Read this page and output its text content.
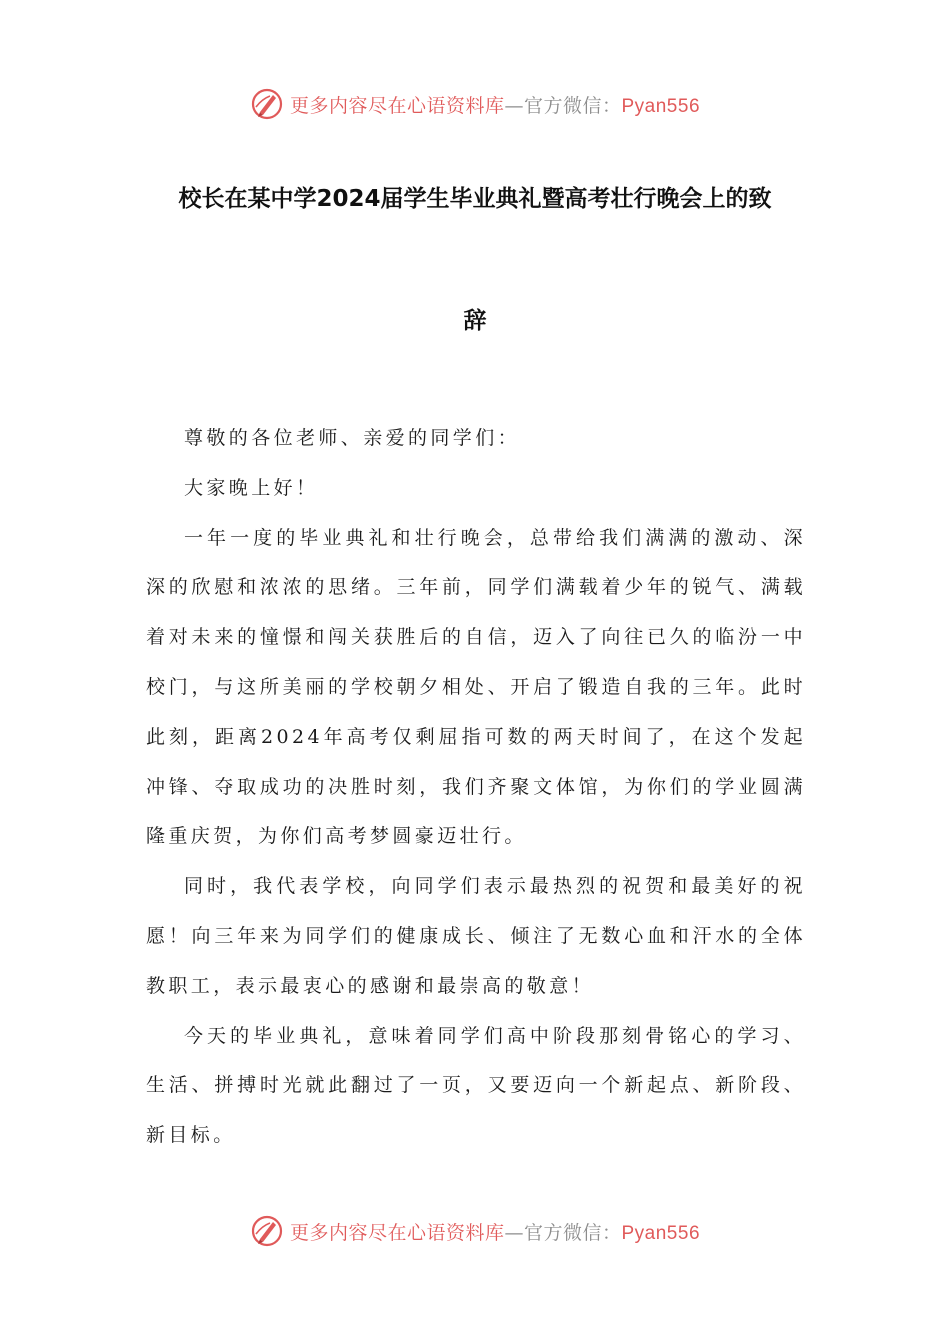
更多内容尽在心语资料库 — 官方微信： Pyan556
校长在某中学2024届学生毕业典礼暨高考壮行晚会上的致
辞

尊敬的各位老师、亲爱的同学们：

大家晚上好！

一年一度的毕业典礼和壮行晚会，总带给我们满满的激动、深深的欣慰和浓浓的思绪。三年前，同学们满载着少年的锐气、满载着对未来的憧憬和闯关获胜后的自信，迈入了向往已久的临汾一中校门，与这所美丽的学校朝夕相处、开启了锻造自我的三年。此时此刻，距离2024年高考仅剩屈指可数的两天时间了，在这个发起冲锋、夺取成功的决胜时刻，我们齐聚文体馆，为你们的学业圆满隆重庆贺，为你们高考梦圆豪迈壮行。

同时，我代表学校，向同学们表示最热烈的祝贺和最美好的祝愿！向三年来为同学们的健康成长、倾注了无数心血和汗水的全体教职工，表示最衷心的感谢和最崇高的敬意！

今天的毕业典礼，意味着同学们高中阶段那刻骨铭心的学习、生活、拼搏时光就此翻过了一页，又要迈向一个新起点、新阶段、新目标。

更多内容尽在心语资料库 — 官方微信： Pyan556
